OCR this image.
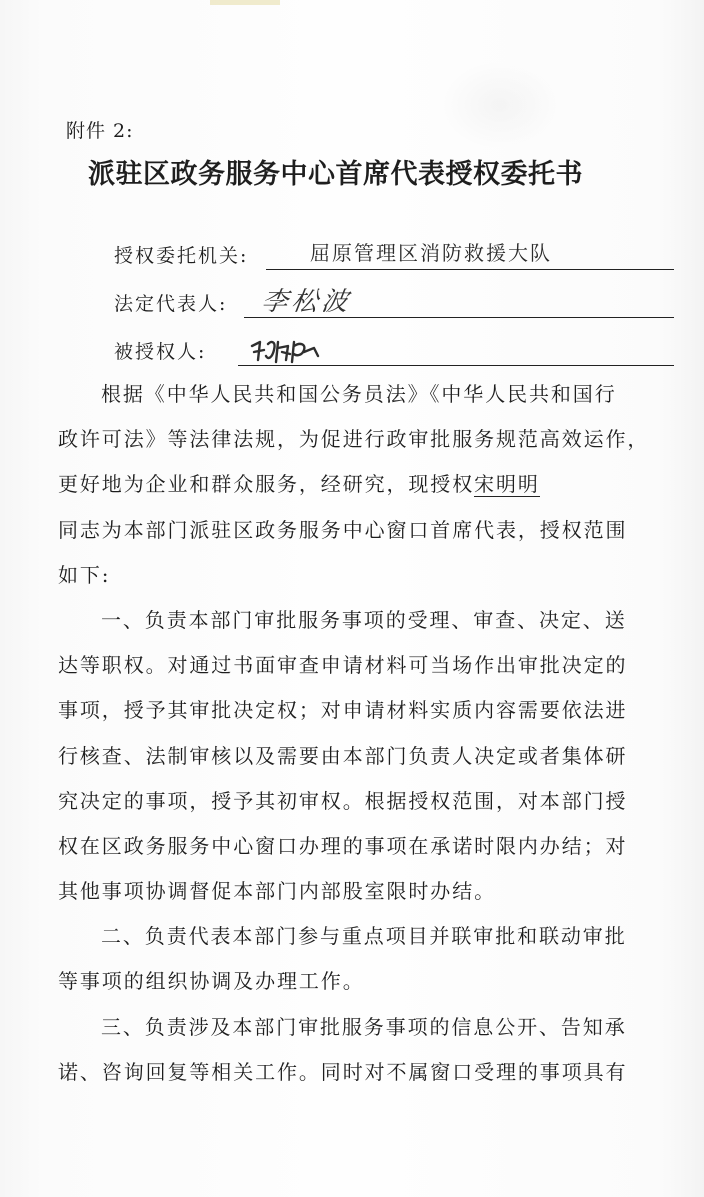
附件 2:
派驻区政务服务中心首席代表授权委托书
授权委托机关:	屈原管理区消防救援大队
法定代表人: 李松波
被授权人:
根据《中华人民共和国公务员法》《中华人民共和国行
政许可法》等法律法规，为促进行政审批服务规范高效运作，
更好地为企业和群众服务，经研究，现授权宋明明
同志为本部门派驻区政务服务中心窗口首席代表，授权范围
如下:
一、负责本部门审批服务事项的受理、审查、决定、送
达等职权。对通过书面审查申请材料可当场作出审批决定的
事项，授予其审批决定权；对申请材料实质内容需要依法进
行核查、法制审核以及需要由本部门负责人决定或者集体研
究决定的事项，授予其初审权。根据授权范围，对本部门授
权在区政务服务中心窗口办理的事项在承诺时限内办结；对
其他事项协调督促本部门内部股室限时办结。
二、负责代表本部门参与重点项目并联审批和联动审批
等事项的组织协调及办理工作。
三、负责涉及本部门审批服务事项的信息公开、告知承
诺、咨询回复等相关工作。同时对不属窗口受理的事项具有
